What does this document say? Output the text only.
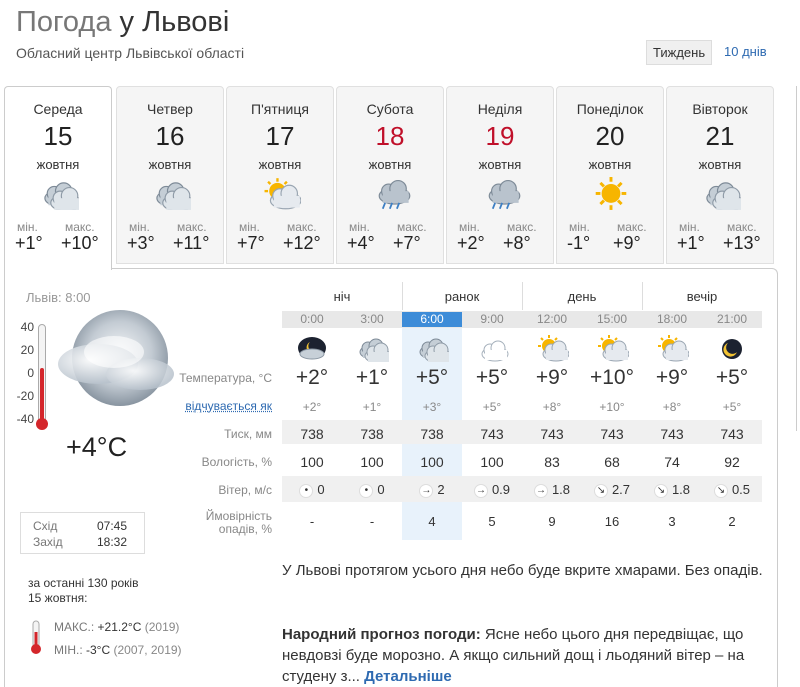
Погода у Львові
Обласний центр Львівської області	Тиждень	10 днів
Середа
15
жовтня
мін. макс.
+1° +10°
Четвер
16
жовтня
мін. макс.
+3° +11°
П'ятниця
17
жовтня
мін. макс.
+7° +12°
Субота
18
жовтня
мін. макс.
+4° +7°
Неділя
19
жовтня
мін. макс.
+2° +8°
Понеділок
20
жовтня
мін. макс.
-1° +9°
Вівторок
21
жовтня
мін. макс.
+1° +13°
Львів: 8:00
40
20
0
-20
-40
+4°C
Схід	07:45
Захід	18:32
за останні 130 років
15 жовтня:
МАКС.: +21.2°C (2019)
МІН.: -3°C (2007, 2019)
ніч	ранок	день	вечір
0:00	3:00	6:00	9:00	12:00	15:00	18:00	21:00
Температура, °C	+2°	+1°	+5°	+5°	+9°	+10°	+9°	+5°
відчувається як	+2°	+1°	+3°	+5°	+8°	+10°	+8°	+5°
Тиск, мм	738	738	738	743	743	743	743	743
Вологість, %	100	100	100	100	83	68	74	92
Вітер, м/с	• 0	• 0	→ 2	→ 0.9	→ 1.8	↘ 2.7	↘ 1.8	↘ 0.5
Ймовірність
опадів, %	-	-	4	5	9	16	3	2
У Львові протягом усього дня небо буде вкрите хмарами. Без опадів.
Народний прогноз погоди: Ясне небо цього дня передвіщає, що невдовзі буде морозно. А якщо сильний дощ і льодяний вітер – на студену з... Детальніше
